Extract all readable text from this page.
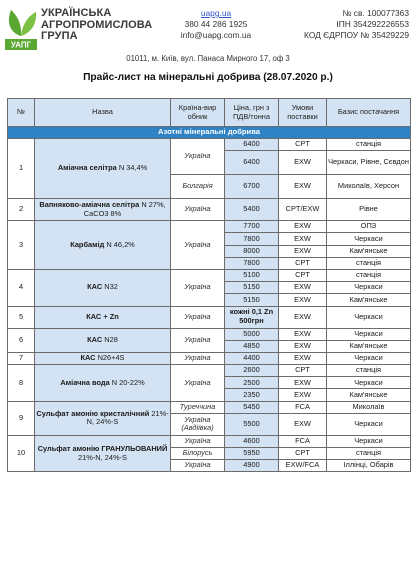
УАПГ
УКРАЇНСЬКА
АГРОПРОМИСЛОВА
ГРУПА
uapg.ua
380 44 286 1925
info@uapg.com.ua
№ св. 100077363
ІПН 354292226553
КОД ЄДРПОУ № 35429229
01011, м. Київ, вул. Панаса Мирного 17, оф 3
Прайс-лист на мінеральні добрива (28.07.2020 р.)
№	Назва	Країна-вир обник	Ціна, грн з ПДВ/тонна	Умови поставки	Базис постачання
Азотні мінеральні добрива					
1	Аміачна селітра N 34,4%	Україна	6400	CPT	станція
			6400	EXW	Черкаси, Рівне, Сєвдон
		Болгарія	6700	EXW	Миколаїв, Херсон
2	Вапняково-аміачна селітра N 27%, CaCO3 8%	Україна	5400	CPT/EXW	Рівне
3	Карбамід N 46,2%	Україна	7700	EXW	ОПЗ
			7800	EXW	Черкаси
			8000	EXW	Кам'янське
			7800	CPT	станція
4	КАС N32	Україна	5100	CPT	станція
			5150	EXW	Черкаси
			5150	EXW	Кам'янське
5	КАС + Zn	Україна	кожні 0,1 Zn 500грн	EXW	Черкаси
6	КАС N28	Україна	5000	EXW	Черкаси
			4850	EXW	Кам'янське
7	КАС N26+4S	Україна	4400	EXW	Черкаси
8	Аміачна вода N 20-22%	Україна	2600	CPT	станція
			2500	EXW	Черкаси
			2350	EXW	Кам'янське
9	Сульфат амонію кристалічний 21%-N, 24%-S	Туреччина	5450	FCA	Миколаїв
		Україна (Авдіївка)	5500	EXW	Черкаси
10	Сульфат амонію ГРАНУЛЬОВАНИЙ 21%-N, 24%-S	Україна	4600	FCA	Черкаси
		Білорусь	5950	CPT	станція
		Україна	4900	EXW/FCA	Іллінці, Обарів
